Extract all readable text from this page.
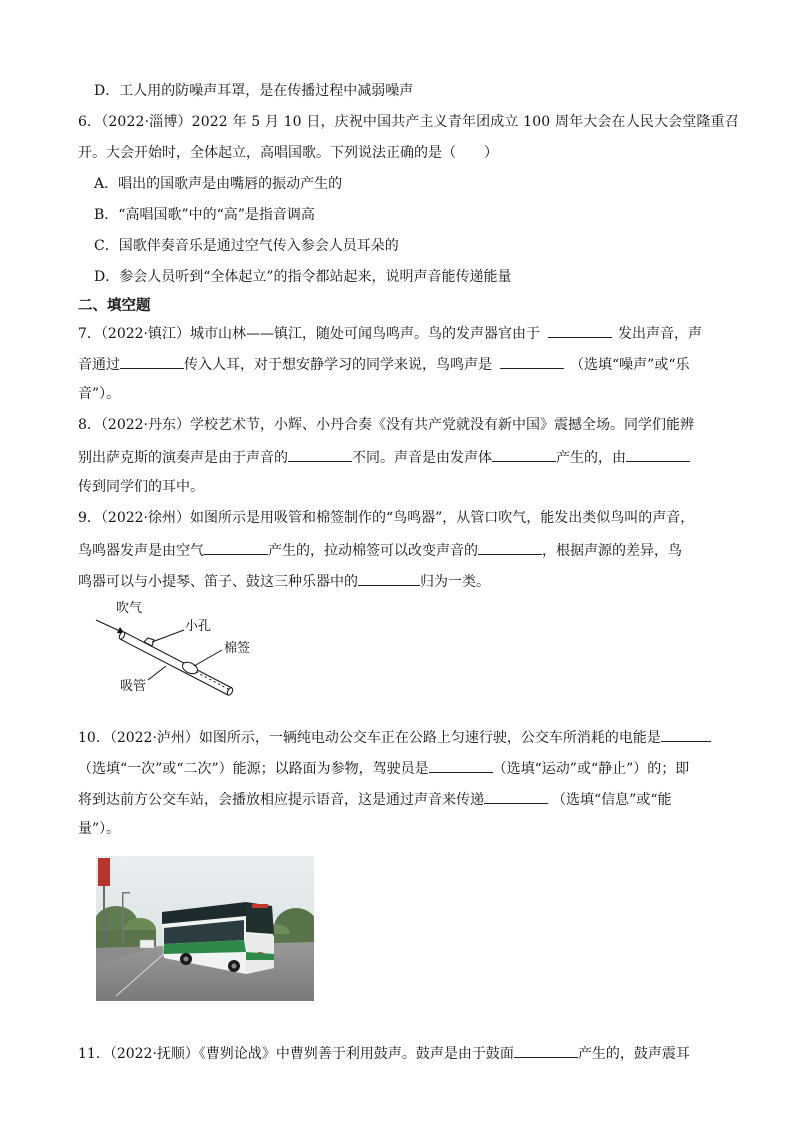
D．工人用的防噪声耳罩，是在传播过程中减弱噪声
6．（2022·淄博）2022 年 5 月 10 日，庆祝中国共产主义青年团成立 100 周年大会在人民大会堂隆重召
开。大会开始时，全体起立，高唱国歌。下列说法正确的是（　　）
A．唱出的国歌声是由嘴唇的振动产生的
B．“高唱国歌”中的“高”是指音调高
C．国歌伴奏音乐是通过空气传入参会人员耳朵的
D．参会人员听到“全体起立”的指令都站起来，说明声音能传递能量
二、填空题
7．（2022·镇江）城市山林——镇江，随处可闻鸟鸣声。鸟的发声器官由于	发出声音，声
音通过	传入人耳，对于想安静学习的同学来说，鸟鸣声是	（选填“噪声”或“乐
音”）。
8．（2022·丹东）学校艺术节，小辉、小丹合奏《没有共产党就没有新中国》震撼全场。同学们能辨
别出萨克斯的演奏声是由于声音的	不同。声音是由发声体	产生的，由
传到同学们的耳中。
9．（2022·徐州）如图所示是用吸管和棉签制作的“鸟鸣器”，从管口吹气，能发出类似鸟叫的声音，
鸟鸣器发声是由空气	产生的，拉动棉签可以改变声音的	，根据声源的差异，鸟
鸣器可以与小提琴、笛子、鼓这三种乐器中的	归为一类。
吹气
小孔
棉签
吸管
10．（2022·泸州）如图所示，一辆纯电动公交车正在公路上匀速行驶，公交车所消耗的电能是
（选填“一次”或“二次”）能源；以路面为参物，驾驶员是	（选填“运动”或“静止”）的；即
将到达前方公交车站，会播放相应提示语音，这是通过声音来传递	（选填“信息”或“能
量”）。
11．（2022·抚顺）《曹刿论战》中曹刿善于利用鼓声。鼓声是由于鼓面	产生的，鼓声震耳
